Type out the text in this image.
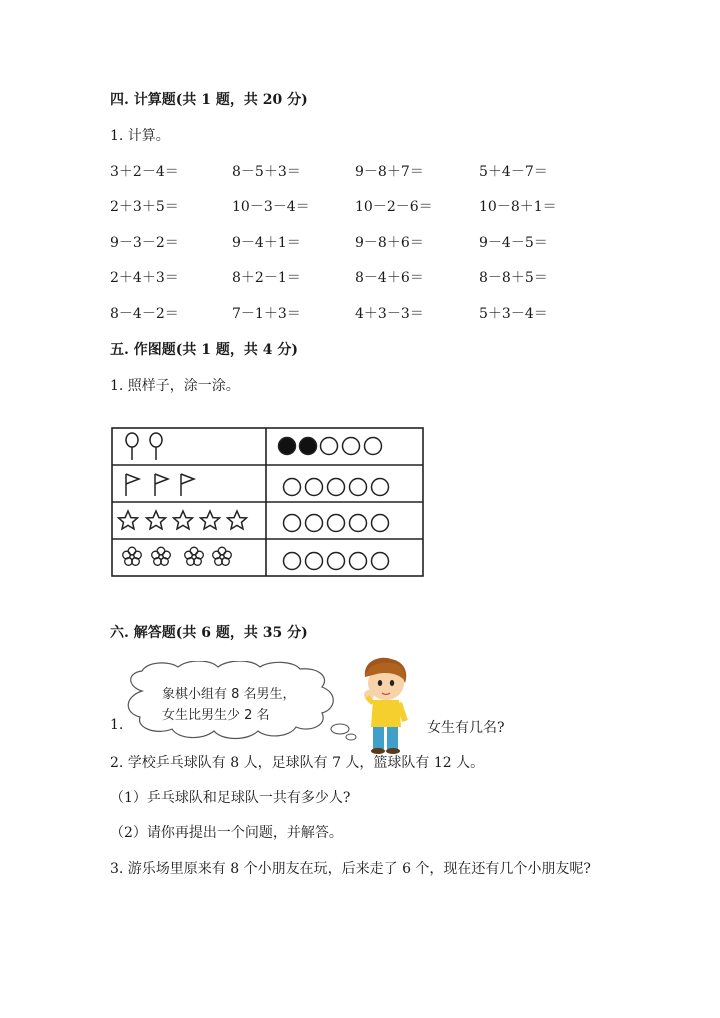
四. 计算题(共 1 题，共 20 分)
1. 计算。
3＋2－4＝	8－5＋3＝	9－8＋7＝	5＋4－7＝
2＋3＋5＝	10－3－4＝	10－2－6＝	10－8＋1＝
9－3－2＝	9－4＋1＝	9－8＋6＝	9－4－5＝
2＋4＋3＝	8＋2－1＝	8－4＋6＝	8－8＋5＝
8－4－2＝	7－1＋3＝	4＋3－3＝	5＋3－4＝
五. 作图题(共 1 题，共 4 分)
1. 照样子，涂一涂。
六. 解答题(共 6 题，共 35 分)
1.
象棋小组有 8 名男生，
女生比男生少 2 名
女生有几名?
2. 学校乒乓球队有 8 人，足球队有 7 人，篮球队有 12 人。
（1）乒乓球队和足球队一共有多少人?
（2）请你再提出一个问题，并解答。
3. 游乐场里原来有 8 个小朋友在玩，后来走了 6 个，现在还有几个小朋友呢?
